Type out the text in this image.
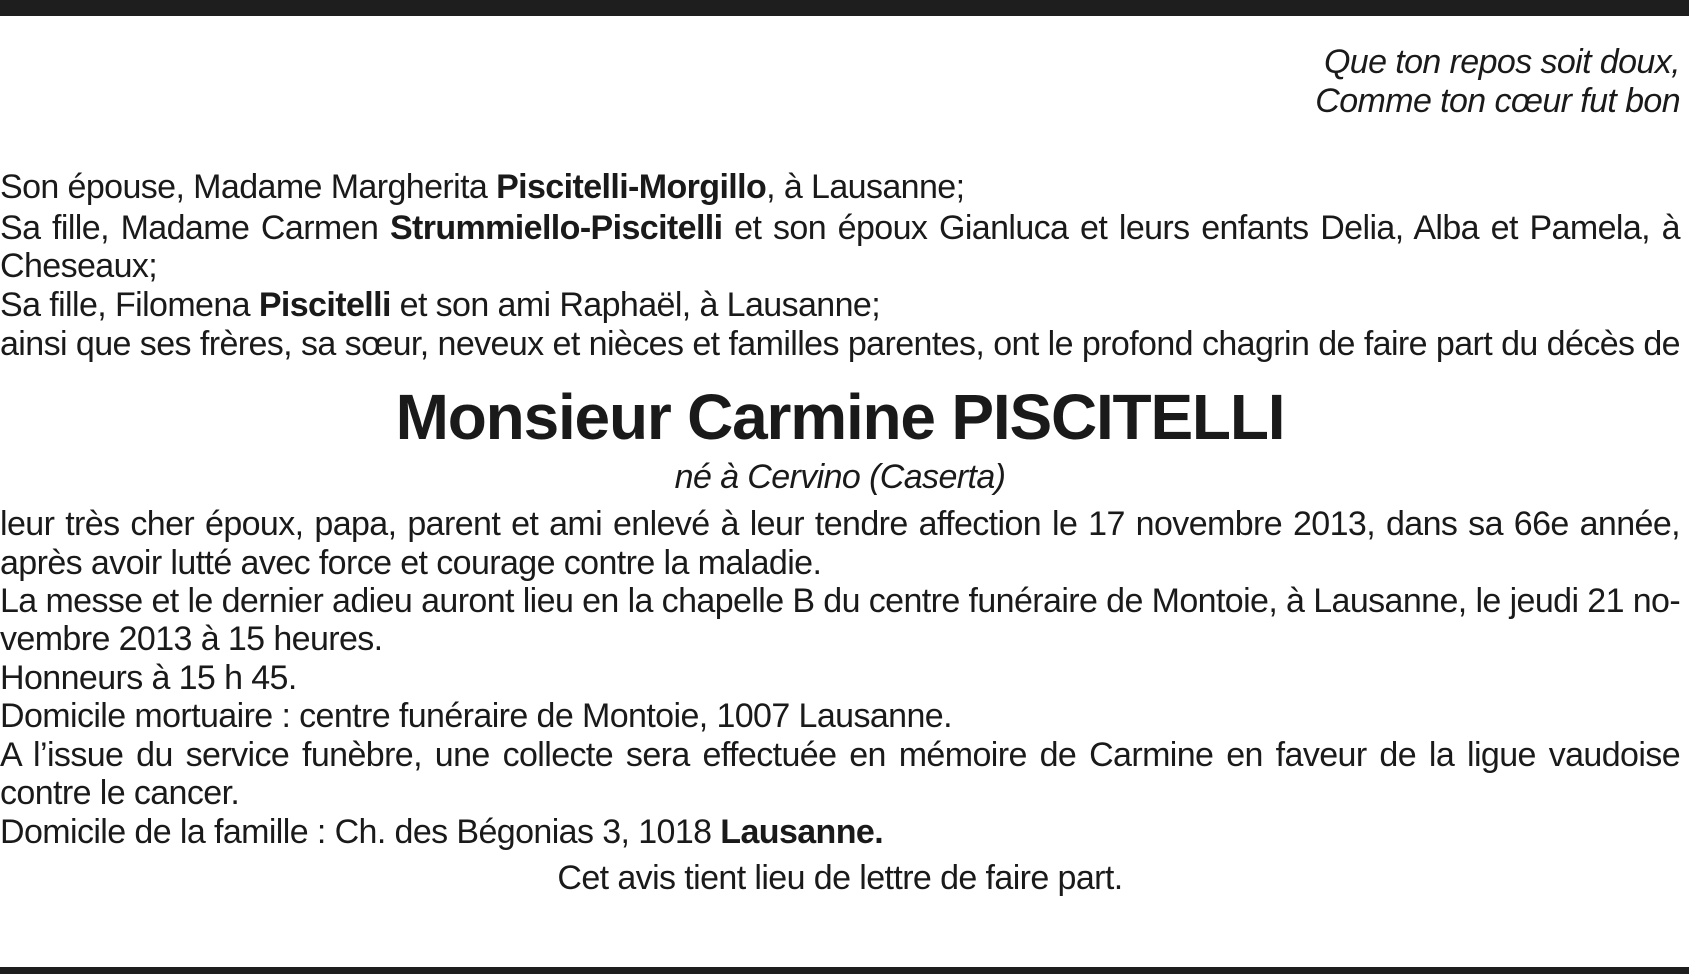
Que ton repos soit doux,
Comme ton cœur fut bon
Son épouse, Madame Margherita Piscitelli-Morgillo, à Lausanne;
Sa fille, Madame Carmen Strummiello-Piscitelli et son époux Gianluca et leurs enfants Delia, Alba et Pamela, à
Cheseaux;
Sa fille, Filomena Piscitelli et son ami Raphaël, à Lausanne;
ainsi que ses frères, sa sœur, neveux et nièces et familles parentes, ont le profond chagrin de faire part du décès de
Monsieur Carmine PISCITELLI
né à Cervino (Caserta)
leur très cher époux, papa, parent et ami enlevé à leur tendre affection le 17 novembre 2013, dans sa 66e année,
après avoir lutté avec force et courage contre la maladie.
La messe et le dernier adieu auront lieu en la chapelle B du centre funéraire de Montoie, à Lausanne, le jeudi 21 no-
vembre 2013 à 15 heures.
Honneurs à 15 h 45.
Domicile mortuaire : centre funéraire de Montoie, 1007 Lausanne.
A l’issue du service funèbre, une collecte sera effectuée en mémoire de Carmine en faveur de la ligue vaudoise
contre le cancer.
Domicile de la famille : Ch. des Bégonias 3, 1018 Lausanne.
Cet avis tient lieu de lettre de faire part.
